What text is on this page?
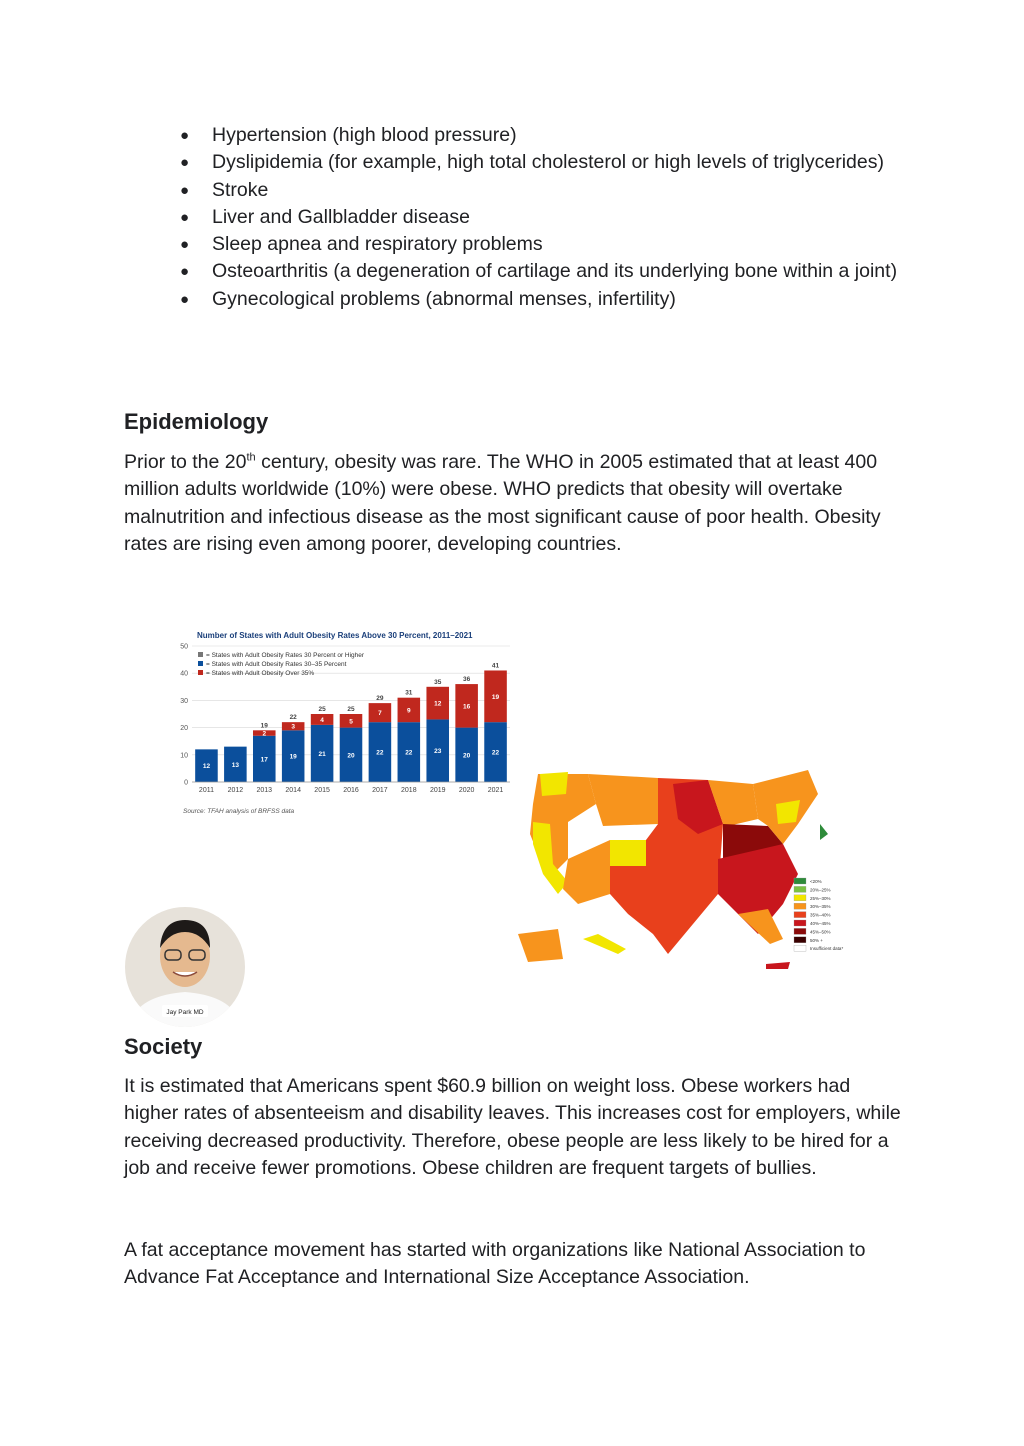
● Hypertension (high blood pressure)
● Dyslipidemia (for example, high total cholesterol or high levels of triglycerides)
● Stroke
● Liver and Gallbladder disease
● Sleep apnea and respiratory problems
● Osteoarthritis (a degeneration of cartilage and its underlying bone within a joint)
● Gynecological problems (abnormal menses, infertility)
Epidemiology

Prior to the 20th century, obesity was rare. The WHO in 2005 estimated that at least 400 million adults worldwide (10%) were obese. WHO predicts that obesity will overtake malnutrition and infectious disease as the most significant cause of poor health. Obesity rates are rising even among poorer, developing countries.

Number of States with Adult Obesity Rates Above 30 Percent, 2011–2021
0
10
20
30
40
50
= States with Adult Obesity Rates 30 Percent or Higher
= States with Adult Obesity Rates 30–35 Percent
= States with Adult Obesity Over 35%
12
2011
13
2012
17
2
19
2013
19
3
22
2014
21
4
25
2015
20
5
25
2016
22
7
29
2017
22
9
31
2018
23
12
35
2019
20
16
36
2020
22
19
41
2021
Source: TFAH analysis of BRFSS data
<20%
20%–25%
25%–30%
30%–35%
35%–40%
40%–45%
45%–50%
50% +
Insufficient data*
Jay Park MD
Society

It is estimated that Americans spent $60.9 billion on weight loss. Obese workers had higher rates of absenteeism and disability leaves. This increases cost for employers, while receiving decreased productivity. Therefore, obese people are less likely to be hired for a job and receive fewer promotions. Obese children are frequent targets of bullies.

A fat acceptance movement has started with organizations like National Association to Advance Fat Acceptance and International Size Acceptance Association.
